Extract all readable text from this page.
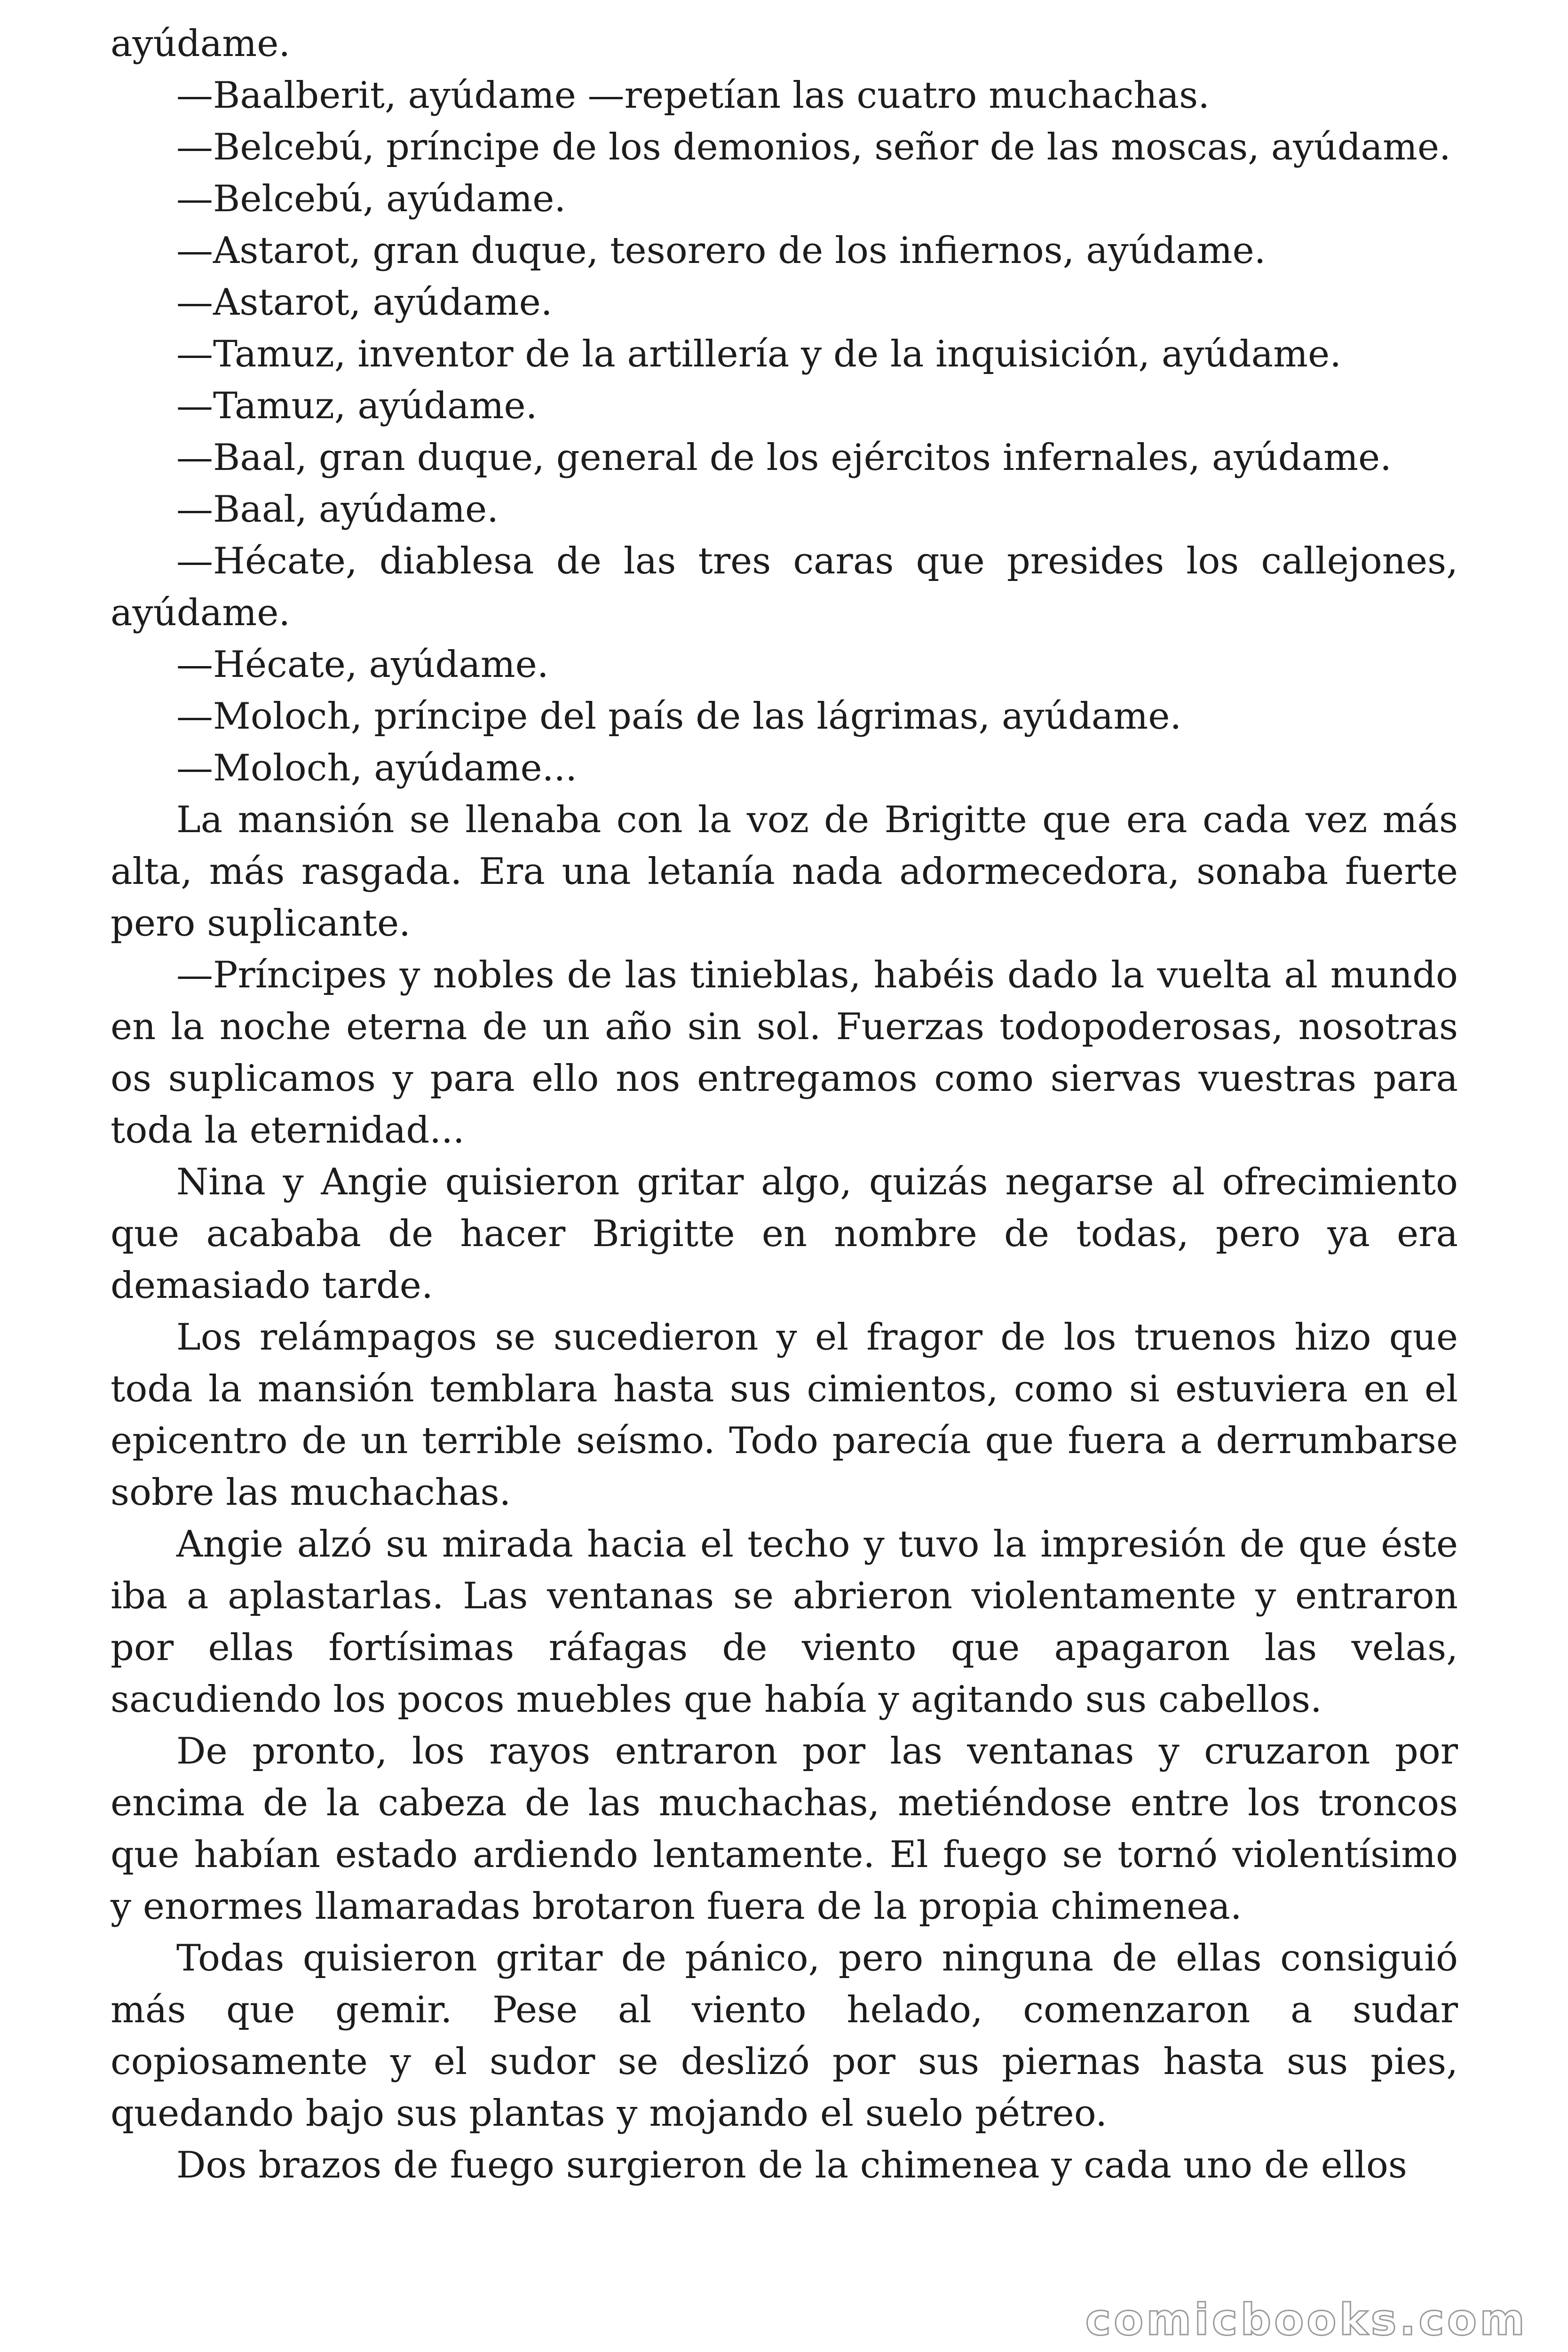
ayúdame.

—Baalberit, ayúdame —repetían las cuatro muchachas.

—Belcebú, príncipe de los demonios, señor de las moscas, ayúdame.

—Belcebú, ayúdame.

—Astarot, gran duque, tesorero de los infiernos, ayúdame.

—Astarot, ayúdame.

—Tamuz, inventor de la artillería y de la inquisición, ayúdame.

—Tamuz, ayúdame.

—Baal, gran duque, general de los ejércitos infernales, ayúdame.

—Baal, ayúdame.

—Hécate, diablesa de las tres caras que presides los callejones, ayúdame.

—Hécate, ayúdame.

—Moloch, príncipe del país de las lágrimas, ayúdame.

—Moloch, ayúdame...

La mansión se llenaba con la voz de Brigitte que era cada vez más alta, más rasgada. Era una letanía nada adormecedora, sonaba fuerte pero suplicante.

—Príncipes y nobles de las tinieblas, habéis dado la vuelta al mundo en la noche eterna de un año sin sol. Fuerzas todopoderosas, nosotras os suplicamos y para ello nos entregamos como siervas vuestras para toda la eternidad...

Nina y Angie quisieron gritar algo, quizás negarse al ofrecimiento que acababa de hacer Brigitte en nombre de todas, pero ya era demasiado tarde.

Los relámpagos se sucedieron y el fragor de los truenos hizo que toda la mansión temblara hasta sus cimientos, como si estuviera en el epicentro de un terrible seísmo. Todo parecía que fuera a derrumbarse sobre las muchachas.

Angie alzó su mirada hacia el techo y tuvo la impresión de que éste iba a aplastarlas. Las ventanas se abrieron violentamente y entraron por ellas fortísimas ráfagas de viento que apagaron las velas, sacudiendo los pocos muebles que había y agitando sus cabellos.

De pronto, los rayos entraron por las ventanas y cruzaron por encima de la cabeza de las muchachas, metiéndose entre los troncos que habían estado ardiendo lentamente. El fuego se tornó violentísimo y enormes llamaradas brotaron fuera de la propia chimenea.

Todas quisieron gritar de pánico, pero ninguna de ellas consiguió más que gemir. Pese al viento helado, comenzaron a sudar copiosamente y el sudor se deslizó por sus piernas hasta sus pies, quedando bajo sus plantas y mojando el suelo pétreo.

Dos brazos de fuego surgieron de la chimenea y cada uno de ellos

comicbooks.com
